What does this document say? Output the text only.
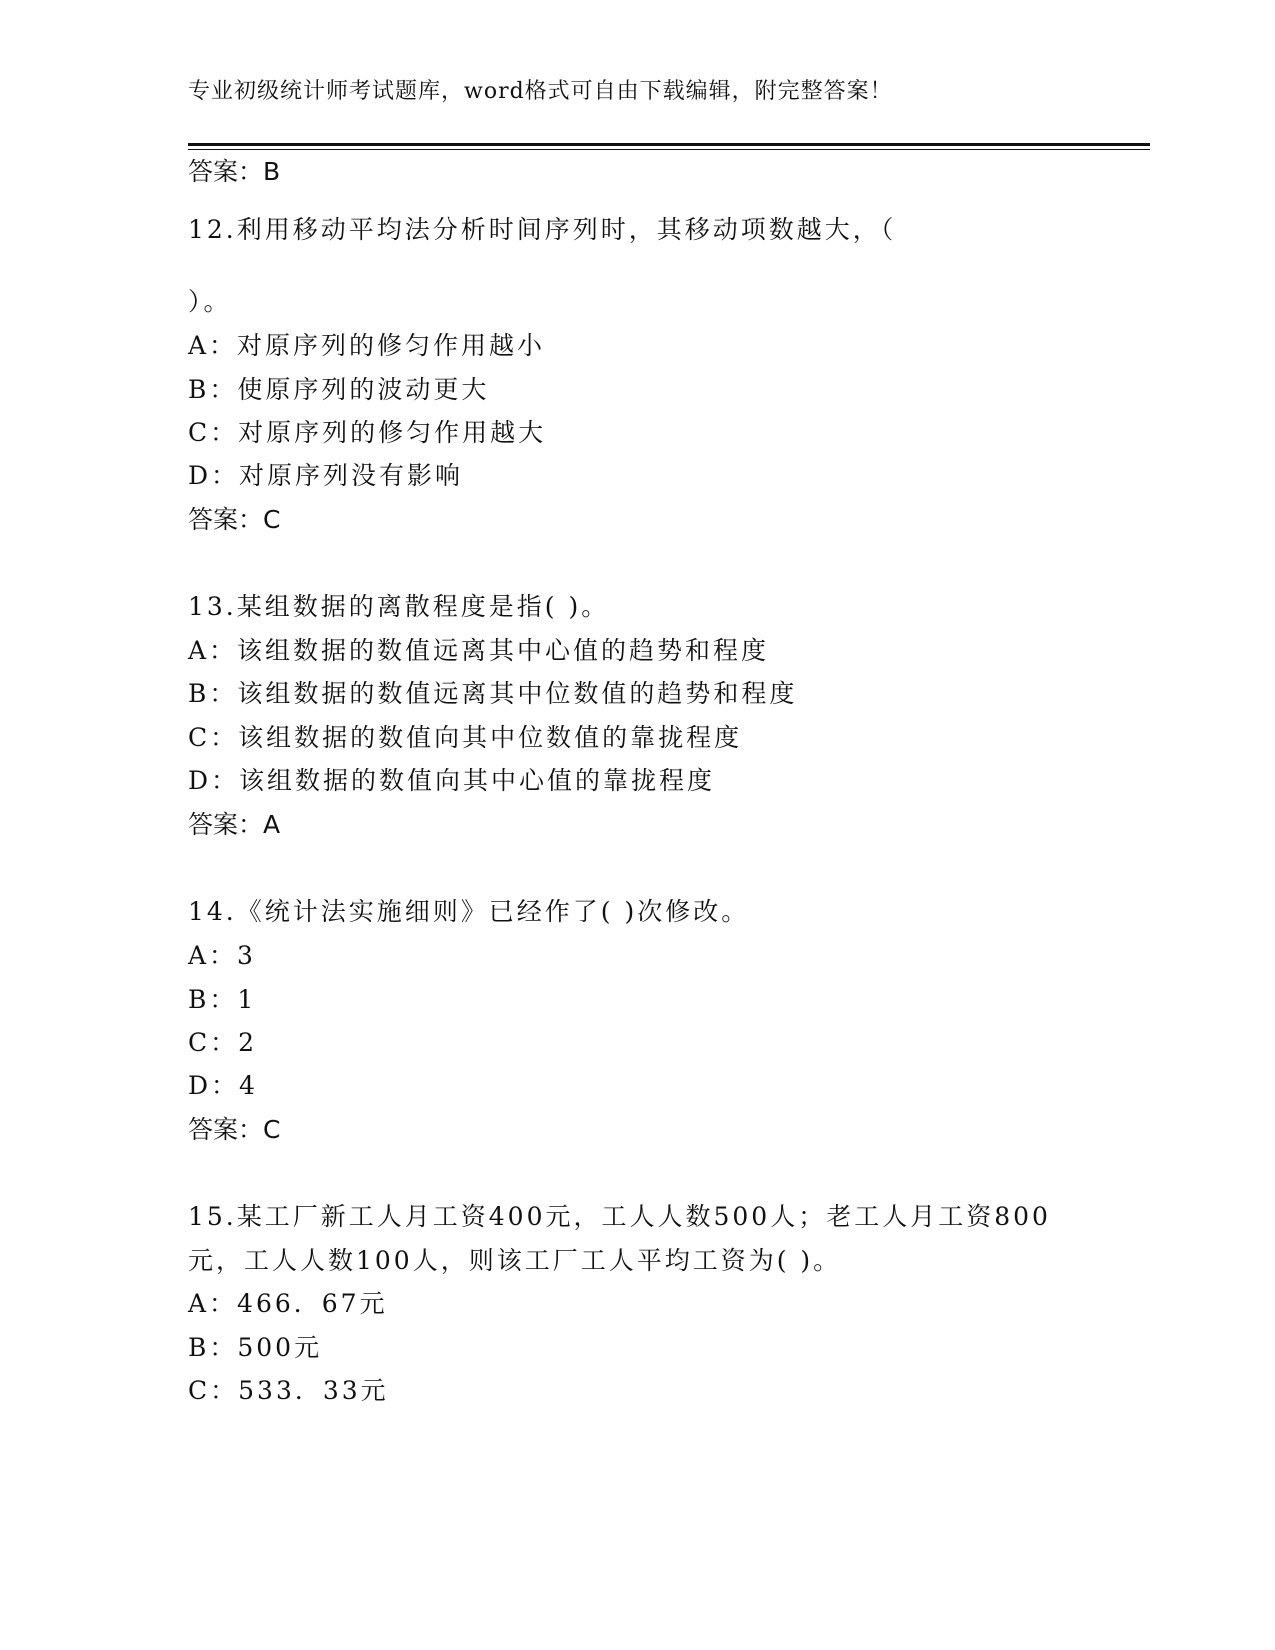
专业初级统计师考试题库，word格式可自由下载编辑，附完整答案！
答案：B
12.利用移动平均法分析时间序列时，其移动项数越大，（
）。
A：对原序列的修匀作用越小
B：使原序列的波动更大
C：对原序列的修匀作用越大
D：对原序列没有影响
答案：C
13.某组数据的离散程度是指( )。
A：该组数据的数值远离其中心值的趋势和程度
B：该组数据的数值远离其中位数值的趋势和程度
C：该组数据的数值向其中位数值的靠拢程度
D：该组数据的数值向其中心值的靠拢程度
答案：A
14.《统计法实施细则》已经作了( )次修改。
A：3
B：1
C：2
D：4
答案：C
15.某工厂新工人月工资400元，工人人数500人；老工人月工资800
元，工人人数100人，则该工厂工人平均工资为( )。
A：466．67元
B：500元
C：533．33元
